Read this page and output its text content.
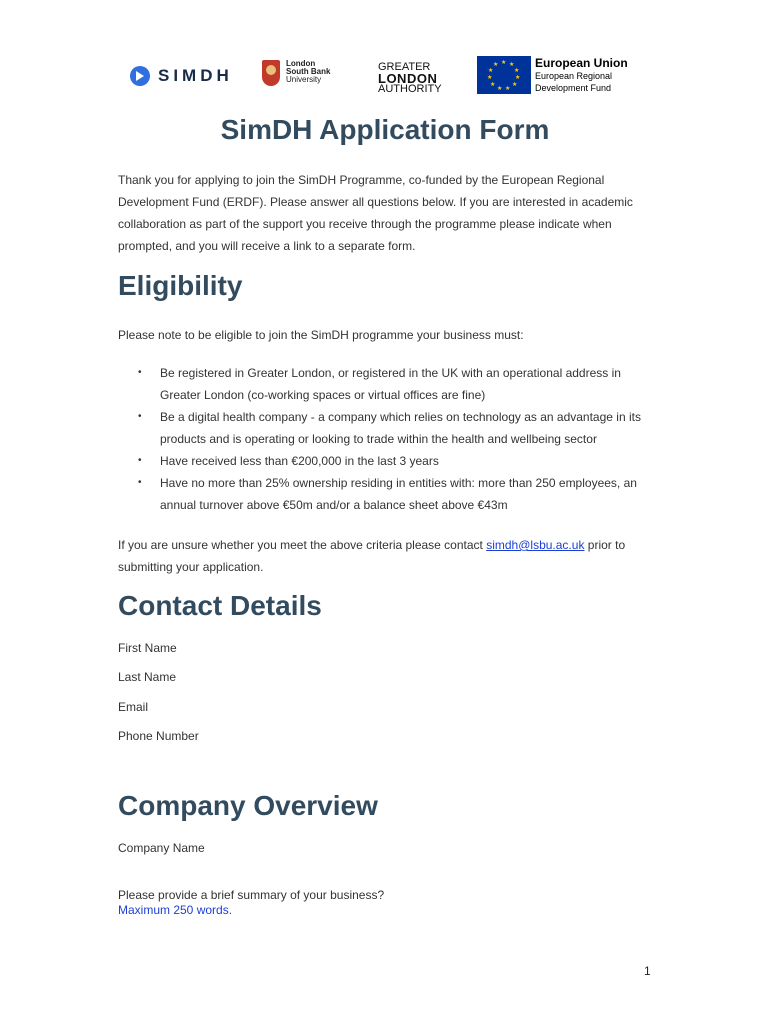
SIMDH
London
South Bank
University
GREATER
LONDON
AUTHORITY
★ ★
★
★
★
★
★
★
★
★
★	European Union
European Regional
Development Fund
SimDH Application Form

Thank you for applying to join the SimDH Programme, co-funded by the European Regional Development Fund (ERDF). Please answer all questions below. If you are interested in academic collaboration as part of the support you receive through the programme please indicate when prompted, and you will receive a link to a separate form.

Eligibility

Please note to be eligible to join the SimDH programme your business must:

• Be registered in Greater London, or registered in the UK with an operational address in Greater London (co-working spaces or virtual offices are fine)
• Be a digital health company - a company which relies on technology as an advantage in its products and is operating or looking to trade within the health and wellbeing sector
• Have received less than €200,000 in the last 3 years
• Have no more than 25% ownership residing in entities with: more than 250 employees, an annual turnover above €50m and/or a balance sheet above €43m
If you are unsure whether you meet the above criteria please contact simdh@lsbu.ac.uk prior to submitting your application.
Contact Details
First Name
Last Name
Email
Phone Number
Company Overview
Company Name
Please provide a brief summary of your business?
Maximum 250 words.
1
